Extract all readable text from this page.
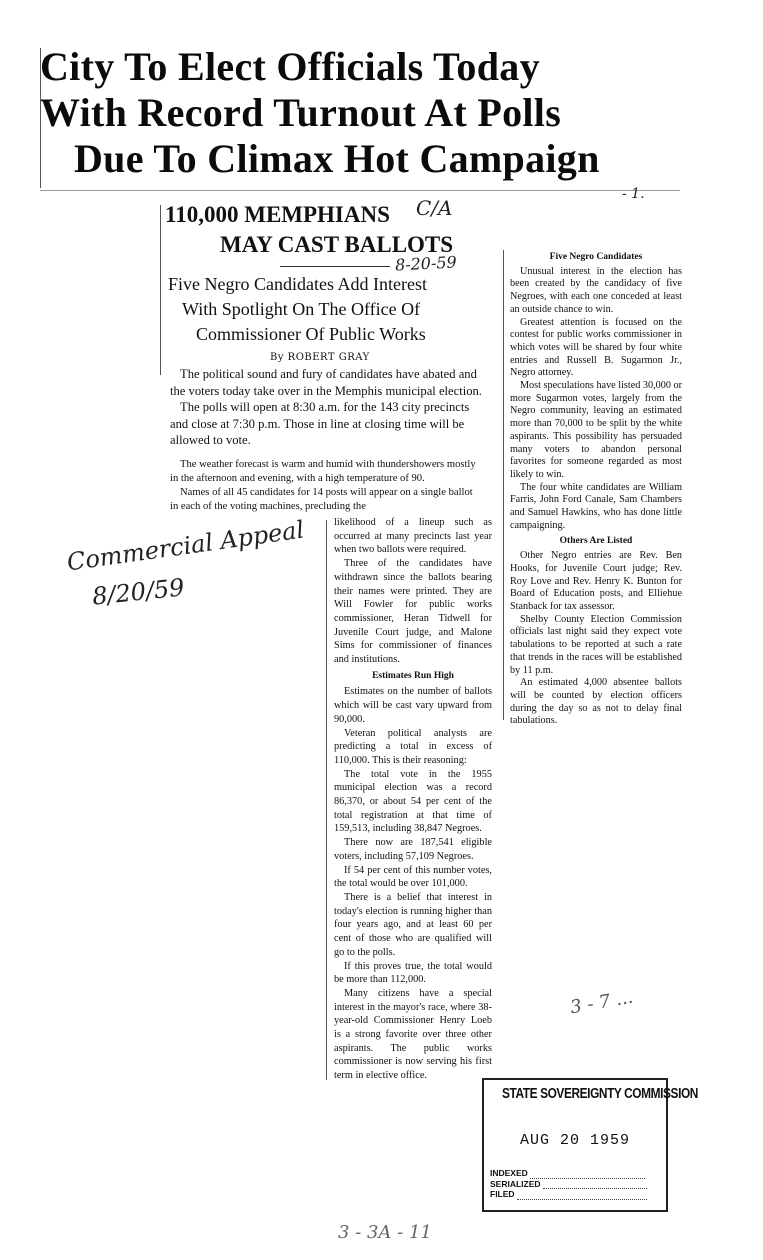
City To Elect Officials Today
With Record Turnout At Polls
Due To Climax Hot Campaign
110,000 MEMPHIANS
MAY CAST BALLOTS
Five Negro Candidates Add Interest
With Spotlight On The Office Of
Commissioner Of Public Works
By ROBERT GRAY

The political sound and fury of candidates have abated and the voters today take over in the Memphis municipal election.

The polls will open at 8:30 a.m. for the 143 city precincts and close at 7:30 p.m. Those in line at closing time will be allowed to vote.

The weather forecast is warm and humid with thundershowers mostly in the afternoon and evening, with a high temperature of 90.

Names of all 45 candidates for 14 posts will appear on a single ballot in each of the voting machines, precluding the

likelihood of a lineup such as occurred at many precincts last year when two ballots were required.

Three of the candidates have withdrawn since the ballots bearing their names were printed. They are Will Fowler for public works commissioner, Heran Tidwell for Juvenile Court judge, and Malone Sims for commissioner of finances and institutions.

Estimates Run High

Estimates on the number of ballots which will be cast vary upward from 90,000.

Veteran political analysts are predicting a total in excess of 110,000. This is their reasoning:

The total vote in the 1955 municipal election was a record 86,370, or about 54 per cent of the total registration at that time of 159,513, including 38,847 Negroes.

There now are 187,541 eligible voters, including 57,109 Negroes.

If 54 per cent of this number votes, the total would be over 101,000.

There is a belief that interest in today's election is running higher than four years ago, and at least 60 per cent of those who are qualified will go to the polls.

If this proves true, the total would be more than 112,000.

Many citizens have a special interest in the mayor's race, where 38-year-old Commissioner Henry Loeb is a strong favorite over three other aspirants. The public works commissioner is now serving his first term in elective office.

Five Negro Candidates

Unusual interest in the election has been created by the candidacy of five Negroes, with each one conceded at least an outside chance to win.

Greatest attention is focused on the contest for public works commissioner in which votes will be shared by four white entries and Russell B. Sugarmon Jr., Negro attorney.

Most speculations have listed 30,000 or more Sugarmon votes, largely from the Negro community, leaving an estimated more than 70,000 to be split by the white aspirants. This possibility has persuaded many voters to abandon personal favorites for someone regarded as most likely to win.

The four white candidates are William Farris, John Ford Canale, Sam Chambers and Samuel Hawkins, who has done little campaigning.

Others Are Listed

Other Negro entries are Rev. Ben Hooks, for Juvenile Court judge; Rev. Roy Love and Rev. Henry K. Bunton for Board of Education posts, and Elliehue Stanback for tax assessor.

Shelby County Election Commission officials last night said they expect vote tabulations to be reported at such a rate that trends in the races will be established by 11 p.m.

An estimated 4,000 absentee ballots will be counted by election officers during the day so as not to delay final tabulations.

Commercial Appeal
8/20/59
C/A
8-20-59
- 1.
3 - 7 ...
3 - 3A - 11
STATE SOVEREIGNTY COMMISSION
AUG 20 1959
INDEXED
SERIALIZED
FILED
